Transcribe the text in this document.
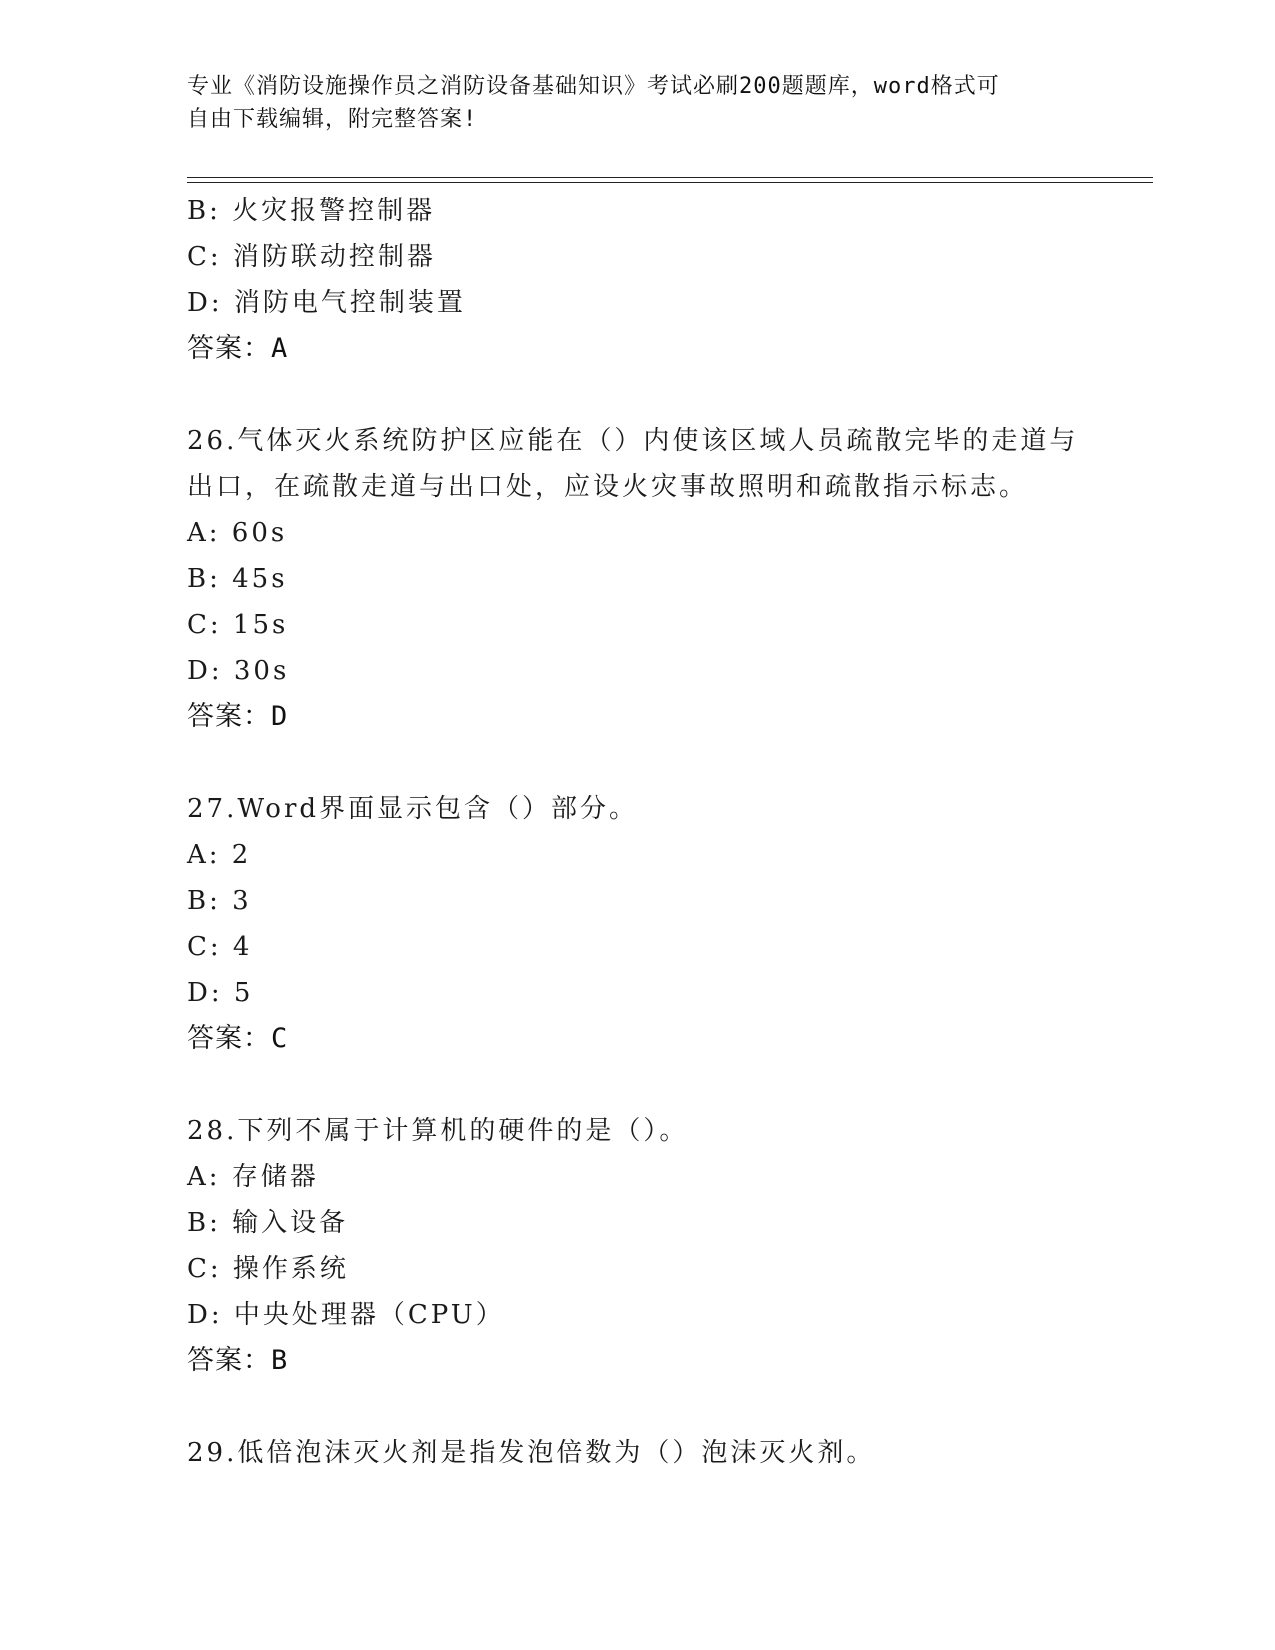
专业《消防设施操作员之消防设备基础知识》考试必刷200题题库，word格式可
自由下载编辑，附完整答案!
B: 火灾报警控制器
C: 消防联动控制器
D: 消防电气控制装置
答案：A
26.气体灭火系统防护区应能在（）内使该区域人员疏散完毕的走道与
出口，在疏散走道与出口处，应设火灾事故照明和疏散指示标志。
A: 60s
B: 45s
C: 15s
D: 30s
答案：D
27.Word界面显示包含（）部分。
A: 2
B: 3
C: 4
D: 5
答案：C
28.下列不属于计算机的硬件的是（）。
A: 存储器
B: 输入设备
C: 操作系统
D: 中央处理器（CPU）
答案：B
29.低倍泡沫灭火剂是指发泡倍数为（）泡沫灭火剂。
